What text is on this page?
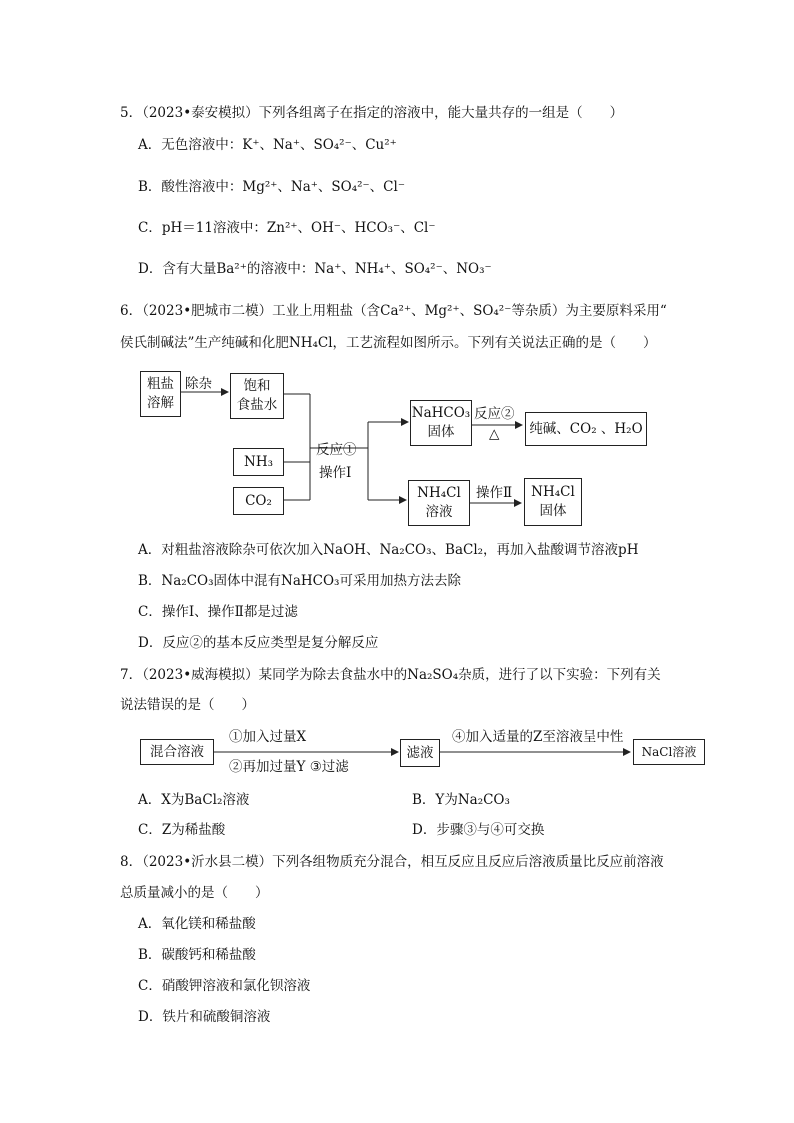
5．（2023•泰安模拟）下列各组离子在指定的溶液中，能大量共存的一组是（　　）
A．无色溶液中：K⁺、Na⁺、SO₄²⁻、Cu²⁺
B．酸性溶液中：Mg²⁺、Na⁺、SO₄²⁻、Cl⁻
C．pH＝11溶液中：Zn²⁺、OH⁻、HCO₃⁻、Cl⁻
D．含有大量Ba²⁺的溶液中：Na⁺、NH₄⁺、SO₄²⁻、NO₃⁻
6．（2023•肥城市二模）工业上用粗盐（含Ca²⁺、Mg²⁺、SO₄²⁻等杂质）为主要原料采用“
侯氏制碱法”生产纯碱和化肥NH₄Cl，工艺流程如图所示。下列有关说法正确的是（　　）
粗盐
溶解
除杂	饱和
食盐水
NH₃
CO₂
反应①
操作Ⅰ
NaHCO₃
固体
反应②
△	纯碱、CO₂ 、H₂O
NH₄Cl
溶液
操作Ⅱ	NH₄Cl
固体
A．对粗盐溶液除杂可依次加入NaOH、Na₂CO₃、BaCl₂，再加入盐酸调节溶液pH
B．Na₂CO₃固体中混有NaHCO₃可采用加热方法去除
C．操作Ⅰ、操作Ⅱ都是过滤
D．反应②的基本反应类型是复分解反应
7．（2023•威海模拟）某同学为除去食盐水中的Na₂SO₄杂质，进行了以下实验：下列有关
说法错误的是（　　）
混合溶液
①加入过量X
②再加过量Y ③过滤
滤液
④加入适量的Z至溶液呈中性
NaCl溶液
A．X为BaCl₂溶液	B．Y为Na₂CO₃
C．Z为稀盐酸	D．步骤③与④可交换
8．（2023•沂水县二模）下列各组物质充分混合，相互反应且反应后溶液质量比反应前溶液
总质量减小的是（　　）
A．氧化镁和稀盐酸
B．碳酸钙和稀盐酸
C．硝酸钾溶液和氯化钡溶液
D．铁片和硫酸铜溶液
